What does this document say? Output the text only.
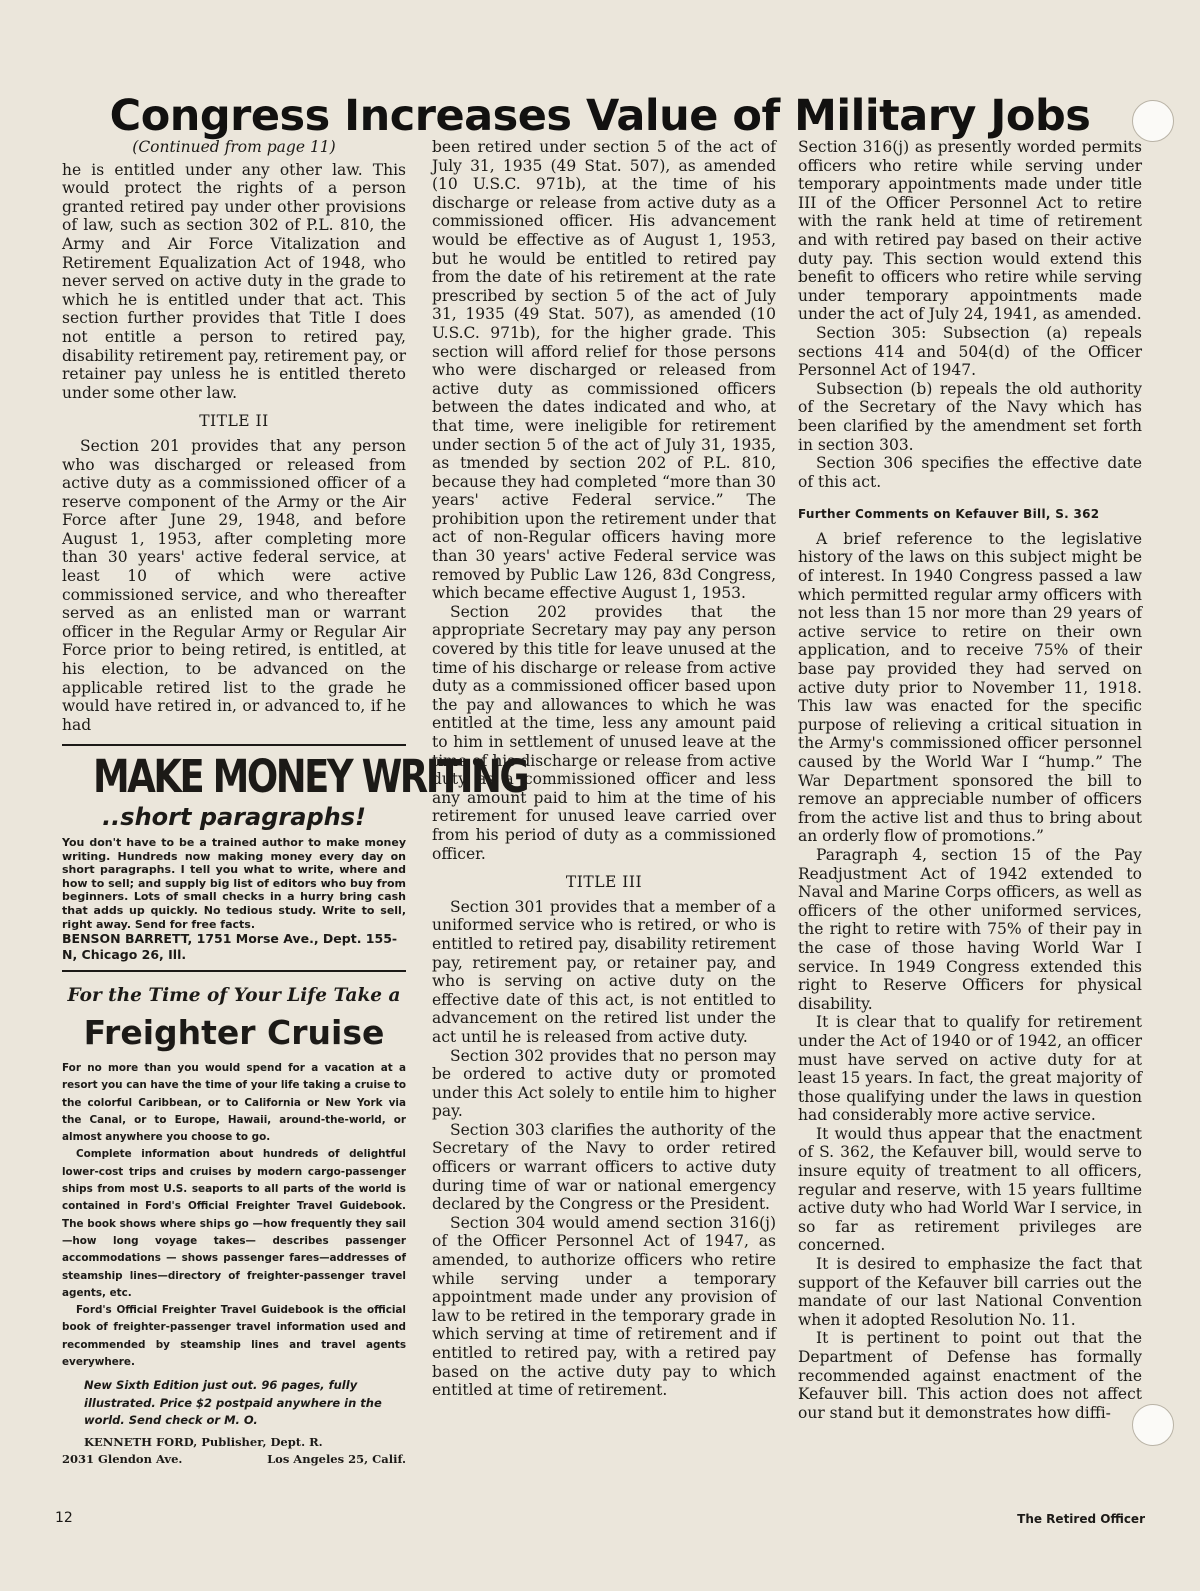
Congress Increases Value of Military Jobs

(Continued from page 11)

he is entitled under any other law. This would protect the rights of a person granted retired pay under other provisions of law, such as section 302 of P.L. 810, the Army and Air Force Vitalization and Retirement Equalization Act of 1948, who never served on active duty in the grade to which he is entitled under that act. This section further provides that Title I does not entitle a person to retired pay, disability retirement pay, retirement pay, or retainer pay unless he is entitled thereto under some other law.

TITLE II

Section 201 provides that any person who was discharged or released from active duty as a commissioned officer of a reserve component of the Army or the Air Force after June 29, 1948, and before August 1, 1953, after completing more than 30 years' active federal service, at least 10 of which were active commissioned service, and who thereafter served as an enlisted man or warrant officer in the Regular Army or Regular Air Force prior to being retired, is entitled, at his election, to be advanced on the applicable retired list to the grade he would have retired in, or advanced to, if he had

MAKE MONEY WRITING
..short paragraphs!
You don't have to be a trained author to make money writing. Hundreds now making money every day on short paragraphs. I tell you what to write, where and how to sell; and supply big list of editors who buy from beginners. Lots of small checks in a hurry bring cash that adds up quickly. No tedious study. Write to sell, right away. Send for free facts.
BENSON BARRETT, 1751 Morse Ave., Dept. 155-N, Chicago 26, Ill.
For the Time of Your Life Take a
Freighter Cruise

For no more than you would spend for a vacation at a resort you can have the time of your life taking a cruise to the colorful Caribbean, or to California or New York via the Canal, or to Europe, Hawaii, around-the-world, or almost anywhere you choose to go.

Complete information about hundreds of delightful lower-cost trips and cruises by modern cargo-passenger ships from most U.S. seaports to all parts of the world is contained in Ford's Official Freighter Travel Guidebook. The book shows where ships go —how frequently they sail—how long voyage takes— describes passenger accommodations — shows passenger fares—addresses of steamship lines—directory of freighter-passenger travel agents, etc.

Ford's Official Freighter Travel Guidebook is the official book of freighter-passenger travel information used and recommended by steamship lines and travel agents everywhere.

New Sixth Edition just out. 96 pages, fully illustrated. Price $2 postpaid anywhere in the world. Send check or M. O.
KENNETH FORD, Publisher, Dept. R.
2031 Glendon Ave.	Los Angeles 25, Calif.

been retired under section 5 of the act of July 31, 1935 (49 Stat. 507), as amended (10 U.S.C. 971b), at the time of his discharge or release from active duty as a commissioned officer. His advancement would be effective as of August 1, 1953, but he would be entitled to retired pay from the date of his retirement at the rate prescribed by section 5 of the act of July 31, 1935 (49 Stat. 507), as amended (10 U.S.C. 971b), for the higher grade. This section will afford relief for those persons who were discharged or released from active duty as commissioned officers between the dates indicated and who, at that time, were ineligible for retirement under section 5 of the act of July 31, 1935, as tmended by section 202 of P.L. 810, because they had completed “more than 30 years' active Federal service.” The prohibition upon the retirement under that act of non-Regular officers having more than 30 years' active Federal service was removed by Public Law 126, 83d Congress, which became effective August 1, 1953.

Section 202 provides that the appropriate Secretary may pay any person covered by this title for leave unused at the time of his discharge or release from active duty as a commissioned officer based upon the pay and allowances to which he was entitled at the time, less any amount paid to him in settlement of unused leave at the time of his discharge or release from active duty as a commissioned officer and less any amount paid to him at the time of his retirement for unused leave carried over from his period of duty as a commissioned officer.

TITLE III

Section 301 provides that a member of a uniformed service who is retired, or who is entitled to retired pay, disability retirement pay, retirement pay, or retainer pay, and who is serving on active duty on the effective date of this act, is not entitled to advancement on the retired list under the act until he is released from active duty.

Section 302 provides that no person may be ordered to active duty or promoted under this Act solely to entile him to higher pay.

Section 303 clarifies the authority of the Secretary of the Navy to order retired officers or warrant officers to active duty during time of war or national emergency declared by the Congress or the President.

Section 304 would amend section 316(j) of the Officer Personnel Act of 1947, as amended, to authorize officers who retire while serving under a temporary appointment made under any provision of law to be retired in the temporary grade in which serving at time of retirement and if entitled to retired pay, with a retired pay based on the active duty pay to which entitled at time of retirement.

Section 316(j) as presently worded permits officers who retire while serving under temporary appointments made under title III of the Officer Personnel Act to retire with the rank held at time of retirement and with retired pay based on their active duty pay. This section would extend this benefit to officers who retire while serving under temporary appointments made under the act of July 24, 1941, as amended.

Section 305: Subsection (a) repeals sections 414 and 504(d) of the Officer Personnel Act of 1947.

Subsection (b) repeals the old authority of the Secretary of the Navy which has been clarified by the amendment set forth in section 303.

Section 306 specifies the effective date of this act.

Further Comments on Kefauver Bill, S. 362

A brief reference to the legislative history of the laws on this subject might be of interest. In 1940 Congress passed a law which permitted regular army officers with not less than 15 nor more than 29 years of active service to retire on their own application, and to receive 75% of their base pay provided they had served on active duty prior to November 11, 1918. This law was enacted for the specific purpose of relieving a critical situation in the Army's commissioned officer personnel caused by the World War I “hump.” The War Department sponsored the bill to remove an appreciable number of officers from the active list and thus to bring about an orderly flow of promotions.”

Paragraph 4, section 15 of the Pay Readjustment Act of 1942 extended to Naval and Marine Corps officers, as well as officers of the other uniformed services, the right to retire with 75% of their pay in the case of those having World War I service. In 1949 Congress extended this right to Reserve Officers for physical disability.

It is clear that to qualify for retirement under the Act of 1940 or of 1942, an officer must have served on active duty for at least 15 years. In fact, the great majority of those qualifying under the laws in question had considerably more active service.

It would thus appear that the enactment of S. 362, the Kefauver bill, would serve to insure equity of treatment to all officers, regular and reserve, with 15 years fulltime active duty who had World War I service, in so far as retirement privileges are concerned.

It is desired to emphasize the fact that support of the Kefauver bill carries out the mandate of our last National Convention when it adopted Resolution No. 11.

It is pertinent to point out that the Department of Defense has formally recommended against enactment of the Kefauver bill. This action does not affect our stand but it demonstrates how diffi-

12	The Retired Officer
